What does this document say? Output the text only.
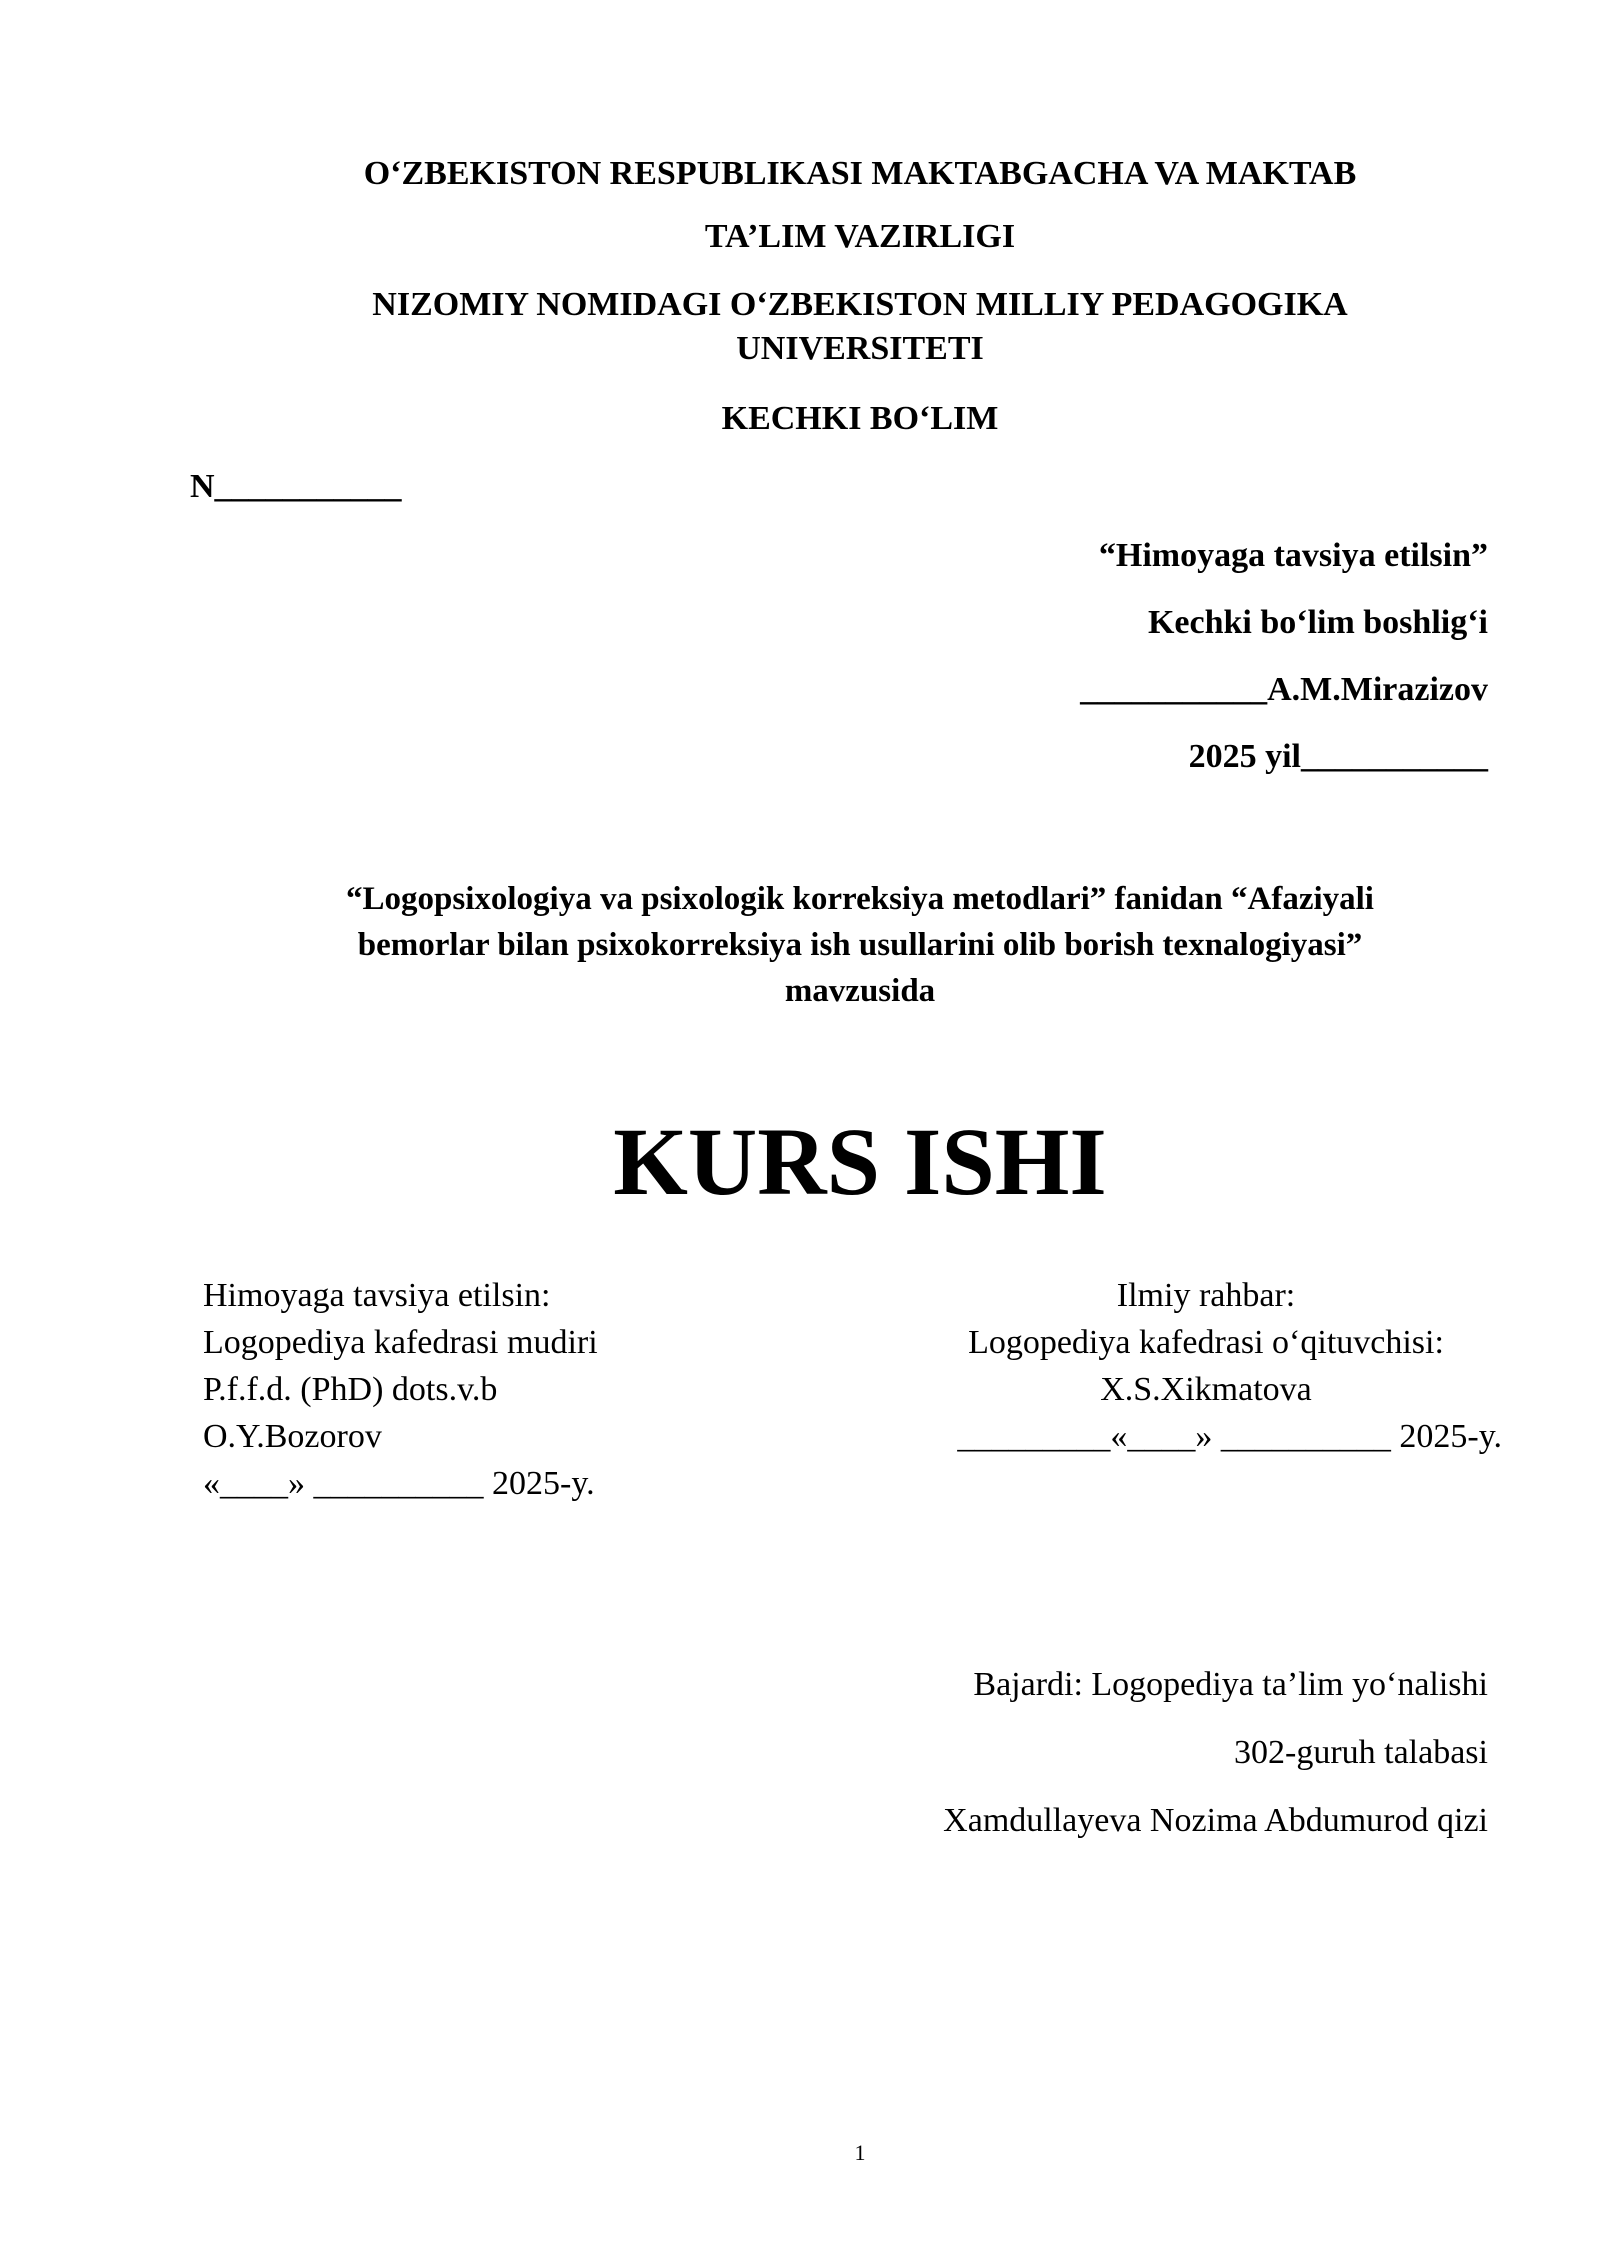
O‘ZBEKISTON RESPUBLIKASI MAKTABGACHA VA MAKTAB
TA’LIM VAZIRLIGI
NIZOMIY NOMIDAGI O‘ZBEKISTON MILLIY PEDAGOGIKA
UNIVERSITETI
KECHKI BO‘LIM
N___________
“Himoyaga tavsiya etilsin”
Kechki bo‘lim boshlig‘i
___________A.M.Mirazizov
2025 yil___________
“Logopsixologiya va psixologik korreksiya metodlari” fanidan “Afaziyali
bemorlar bilan psixokorreksiya ish usullarini olib borish texnalogiyasi”
mavzusida
KURS ISHI
Himoyaga tavsiya etilsin:
Logopediya kafedrasi mudiri
P.f.f.d. (PhD) dots.v.b
O.Y.Bozorov
«____» __________ 2025-y.
Ilmiy rahbar:
Logopediya kafedrasi o‘qituvchisi:
X.S.Xikmatova
_________«____» __________ 2025-y.
Bajardi: Logopediya ta’lim yo‘nalishi
302-guruh talabasi
Xamdullayeva Nozima Abdumurod qizi
1
